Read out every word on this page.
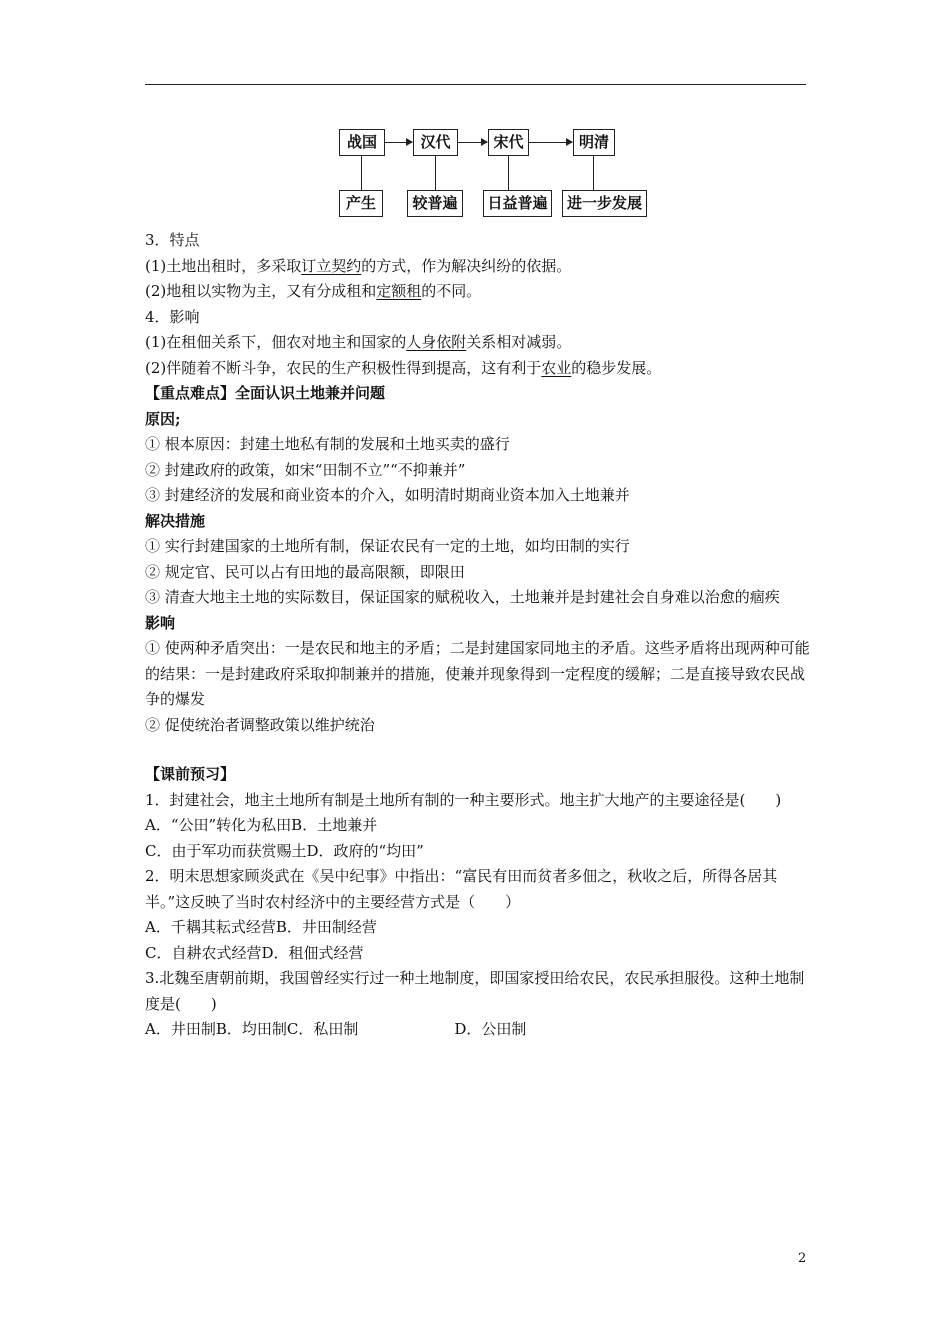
战国	汉代	宋代	明清
产生	较普遍	日益普遍	进一步发展
3．特点
(1)土地出租时，多采取订立契约的方式，作为解决纠纷的依据。
(2)地租以实物为主，又有分成租和定额租的不同。
4．影响
(1)在租佃关系下，佃农对地主和国家的人身依附关系相对减弱。
(2)伴随着不断斗争，农民的生产积极性得到提高，这有利于农业的稳步发展。
【重点难点】全面认识土地兼并问题
原因;
① 根本原因：封建土地私有制的发展和土地买卖的盛行
② 封建政府的政策，如宋“田制不立”“不抑兼并”
③ 封建经济的发展和商业资本的介入，如明清时期商业资本加入土地兼并
解决措施
① 实行封建国家的土地所有制，保证农民有一定的土地，如均田制的实行
② 规定官、民可以占有田地的最高限额，即限田
③ 清查大地主土地的实际数目，保证国家的赋税收入，土地兼并是封建社会自身难以治愈的痼疾
影响
① 使两种矛盾突出：一是农民和地主的矛盾；二是封建国家同地主的矛盾。这些矛盾将出现两种可能的结果：一是封建政府采取抑制兼并的措施，使兼并现象得到一定程度的缓解；二是直接导致农民战争的爆发
② 促使统治者调整政策以维护统治
【课前预习】
1．封建社会，地主土地所有制是土地所有制的一种主要形式。地主扩大地产的主要途径是(　　)
A．“公田”转化为私田B．土地兼并
C．由于军功而获赏赐土D．政府的“均田”
2．明末思想家顾炎武在《吴中纪事》中指出：“富民有田而贫者多佃之，秋收之后，所得各居其半。”这反映了当时农村经济中的主要经营方式是（　　）
A．千耦其耘式经营B．井田制经营
C．自耕农式经营D．租佃式经营
3.北魏至唐朝前期，我国曾经实行过一种土地制度，即国家授田给农民，农民承担服役。这种土地制度是(　　)
A．井田制B．均田制C．私田制	D．公田制
2
